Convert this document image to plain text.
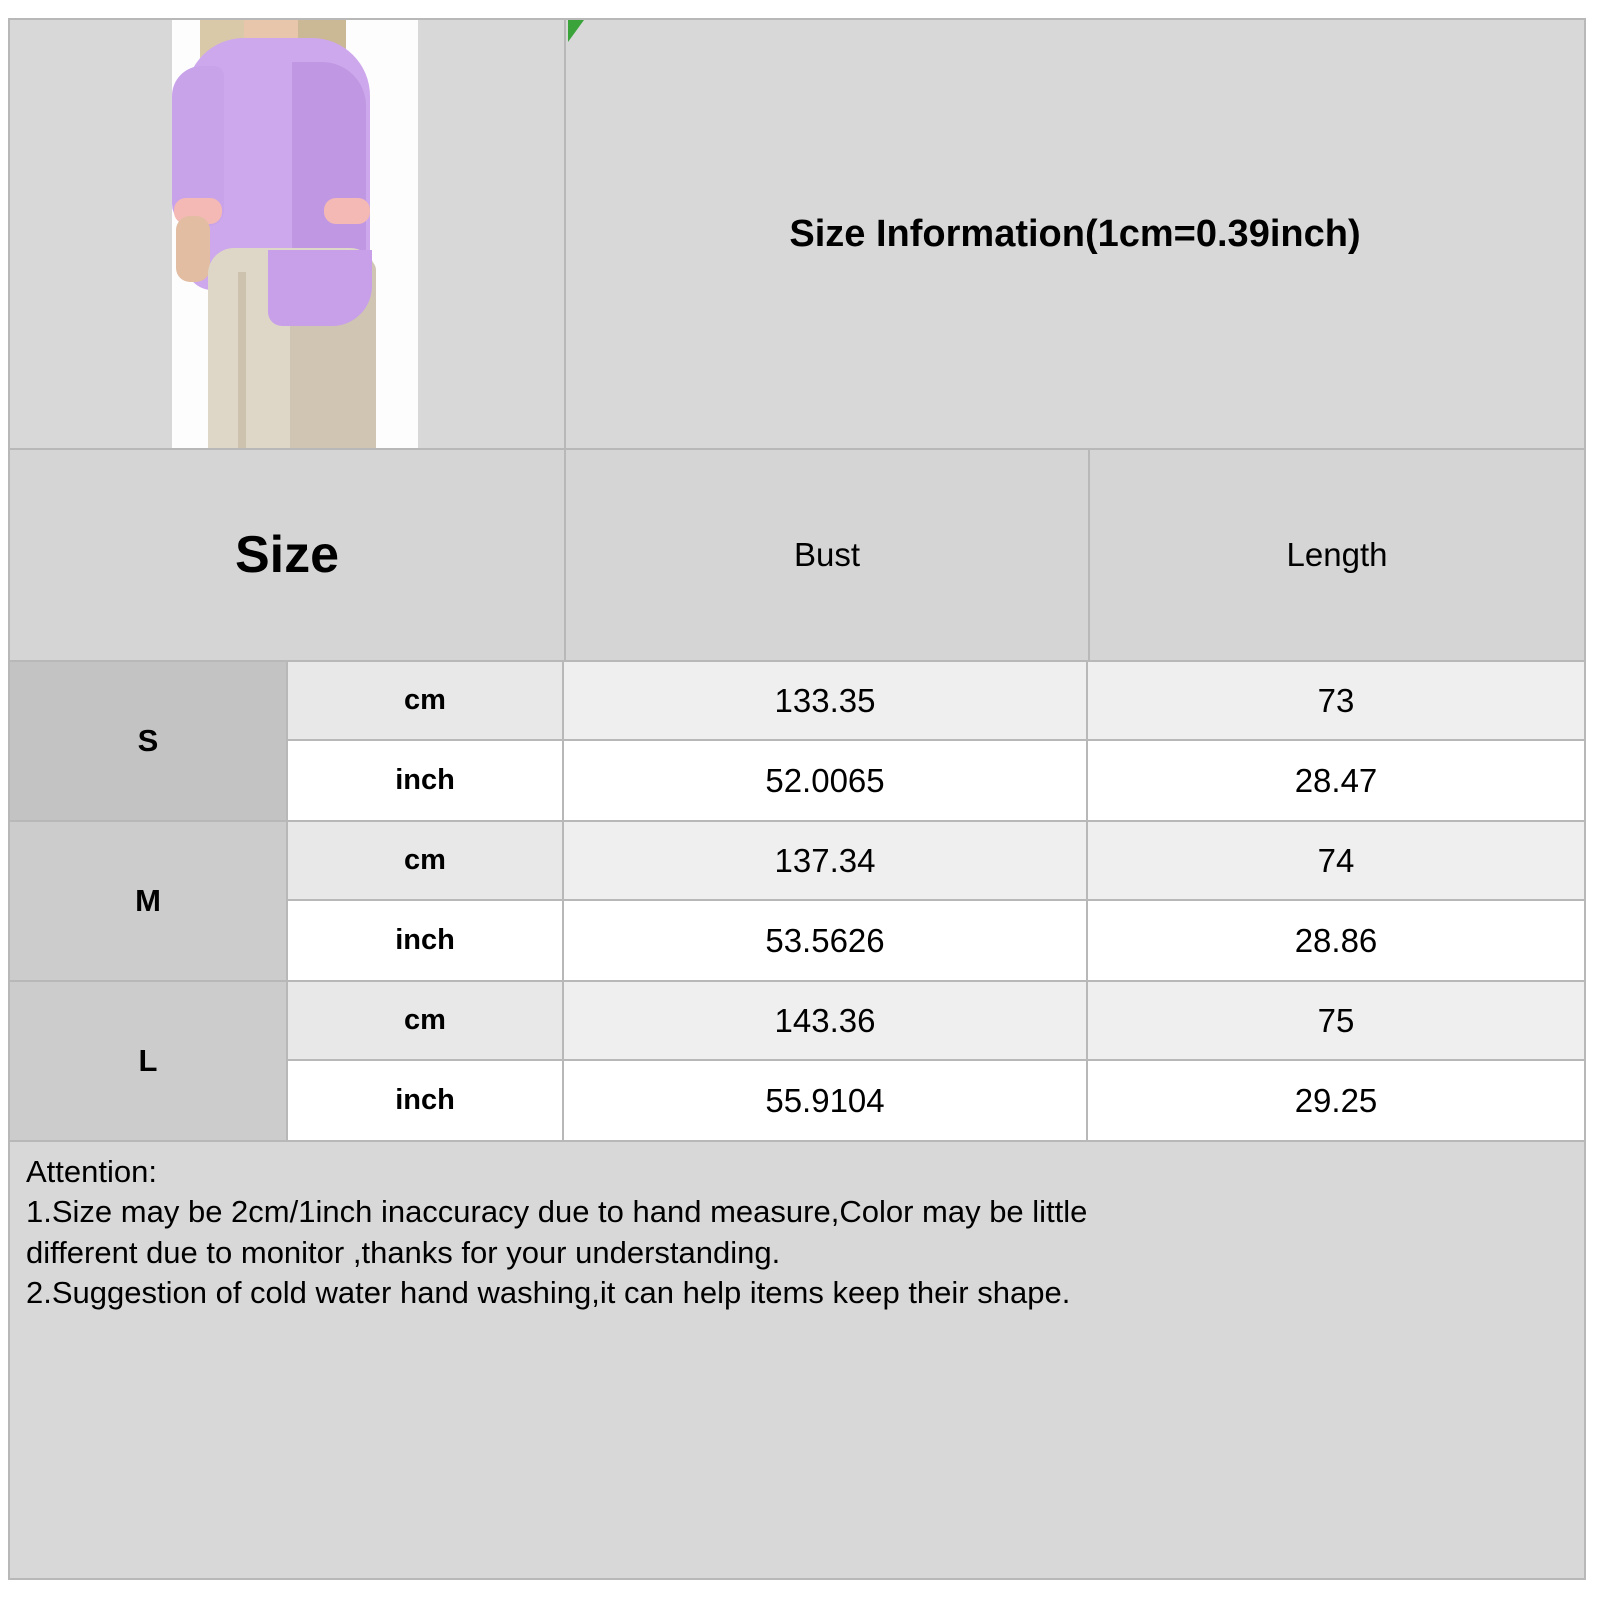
Size Information(1cm=0.39inch)
Size	Bust	Length
S
cm	133.35	73
inch	52.0065	28.47
M
cm	137.34	74
inch	53.5626	28.86
L
cm	143.36	75
inch	55.9104	29.25
Attention:
1.Size may be 2cm/1inch inaccuracy due to hand measure,Color may be little
different due to monitor ,thanks for your understanding.
2.Suggestion of cold water hand washing,it can help items keep their shape.
